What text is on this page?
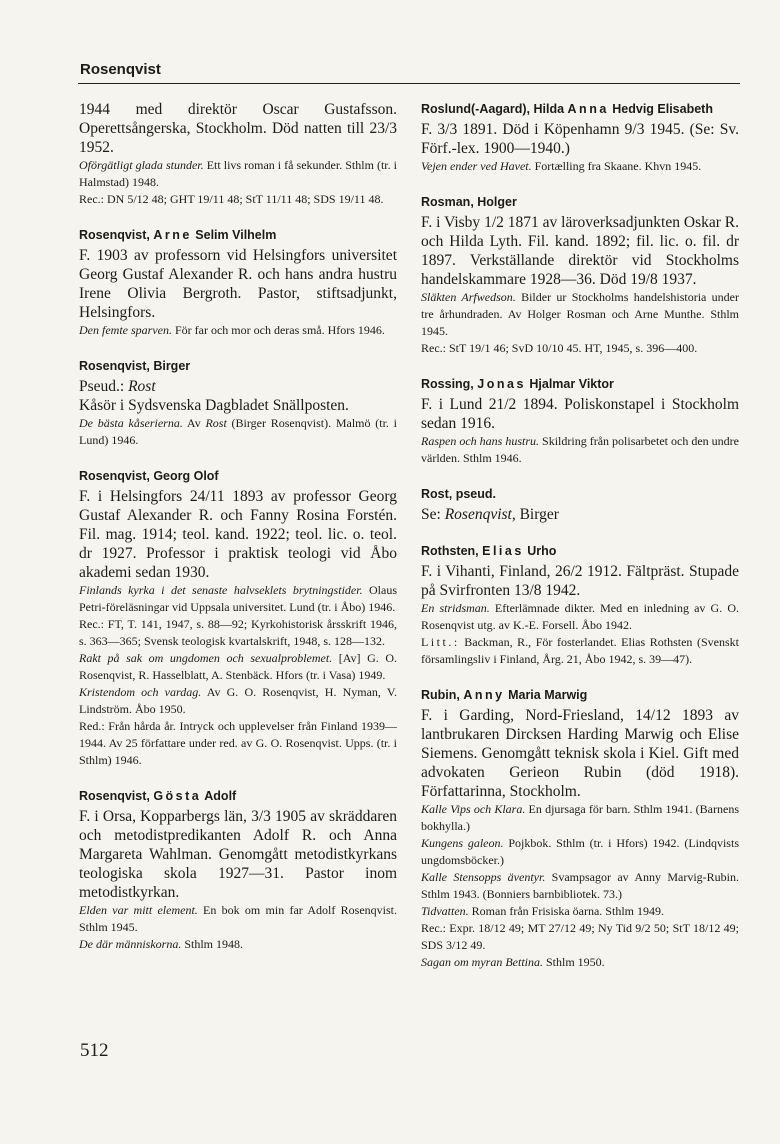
Rosenqvist
1944 med direktör Oscar Gustafsson. Operettsångerska, Stockholm. Död natten till 23/3 1952.
Oförgätligt glada stunder. Ett livs roman i få sekunder. Sthlm (tr. i Halmstad) 1948.
Rec.: DN 5/12 48; GHT 19/11 48; StT 11/11 48; SDS 19/11 48.
Rosenqvist, Arne Selim Vilhelm
F. 1903 av professorn vid Helsingfors universitet Georg Gustaf Alexander R. och hans andra hustru Irene Olivia Bergroth. Pastor, stiftsadjunkt, Helsingfors.
Den femte sparven. För far och mor och deras små. Hfors 1946.
Rosenqvist, Birger
Pseud.: Rost
Kåsör i Sydsvenska Dagbladet Snällposten.
De bästa kåserierna. Av Rost (Birger Rosenqvist). Malmö (tr. i Lund) 1946.
Rosenqvist, Georg Olof
F. i Helsingfors 24/11 1893 av professor Georg Gustaf Alexander R. och Fanny Rosina Forstén. Fil. mag. 1914; teol. kand. 1922; teol. lic. o. teol. dr 1927. Professor i praktisk teologi vid Åbo akademi sedan 1930.
Finlands kyrka i det senaste halvseklets brytningstider. Olaus Petri-föreläsningar vid Uppsala universitet. Lund (tr. i Åbo) 1946.
Rec.: FT, T. 141, 1947, s. 88—92; Kyrkohistorisk årsskrift 1946, s. 363—365; Svensk teologisk kvartalskrift, 1948, s. 128—132.
Rakt på sak om ungdomen och sexualproblemet. [Av] G. O. Rosenqvist, R. Hasselblatt, A. Stenbäck. Hfors (tr. i Vasa) 1949.
Kristendom och vardag. Av G. O. Rosenqvist, H. Nyman, V. Lindström. Åbo 1950.
Red.: Från hårda år. Intryck och upplevelser från Finland 1939—1944. Av 25 författare under red. av G. O. Rosenqvist. Upps. (tr. i Sthlm) 1946.
Rosenqvist, Gösta Adolf
F. i Orsa, Kopparbergs län, 3/3 1905 av skräddaren och metodistpredikanten Adolf R. och Anna Margareta Wahlman. Genomgått metodistkyrkans teologiska skola 1927—31. Pastor inom metodistkyrkan.
Elden var mitt element. En bok om min far Adolf Rosenqvist. Sthlm 1945.
De där människorna. Sthlm 1948.
Roslund(-Aagard), Hilda Anna Hedvig Elisabeth
F. 3/3 1891. Död i Köpenhamn 9/3 1945. (Se: Sv. Förf.-lex. 1900—1940.)
Vejen ender ved Havet. Fortælling fra Skaane. Khvn 1945.
Rosman, Holger
F. i Visby 1/2 1871 av läroverksadjunkten Oskar R. och Hilda Lyth. Fil. kand. 1892; fil. lic. o. fil. dr 1897. Verkställande direktör vid Stockholms handelskammare 1928—36. Död 19/8 1937.
Släkten Arfwedson. Bilder ur Stockholms handelshistoria under tre århundraden. Av Holger Rosman och Arne Munthe. Sthlm 1945.
Rec.: StT 19/1 46; SvD 10/10 45. HT, 1945, s. 396—400.
Rossing, Jonas Hjalmar Viktor
F. i Lund 21/2 1894. Poliskonstapel i Stockholm sedan 1916.
Raspen och hans hustru. Skildring från polisarbetet och den undre världen. Sthlm 1946.
Rost, pseud.
Se: Rosenqvist, Birger
Rothsten, Elias Urho
F. i Vihanti, Finland, 26/2 1912. Fältpräst. Stupade på Svirfronten 13/8 1942.
En stridsman. Efterlämnade dikter. Med en inledning av G. O. Rosenqvist utg. av K.-E. Forsell. Åbo 1942.
Litt.: Backman, R., För fosterlandet. Elias Rothsten (Svenskt församlingsliv i Finland, Årg. 21, Åbo 1942, s. 39—47).
Rubin, Anny Maria Marwig
F. i Garding, Nord-Friesland, 14/12 1893 av lantbrukaren Dircksen Harding Marwig och Elise Siemens. Genomgått teknisk skola i Kiel. Gift med advokaten Gerieon Rubin (död 1918). Författarinna, Stockholm.
Kalle Vips och Klara. En djursaga för barn. Sthlm 1941. (Barnens bokhylla.)
Kungens galeon. Pojkbok. Sthlm (tr. i Hfors) 1942. (Lindqvists ungdomsböcker.)
Kalle Stensopps äventyr. Svampsagor av Anny Marvig-Rubin. Sthlm 1943. (Bonniers barnbibliotek. 73.)
Tidvatten. Roman från Frisiska öarna. Sthlm 1949.
Rec.: Expr. 18/12 49; MT 27/12 49; Ny Tid 9/2 50; StT 18/12 49; SDS 3/12 49.
Sagan om myran Bettina. Sthlm 1950.
512
